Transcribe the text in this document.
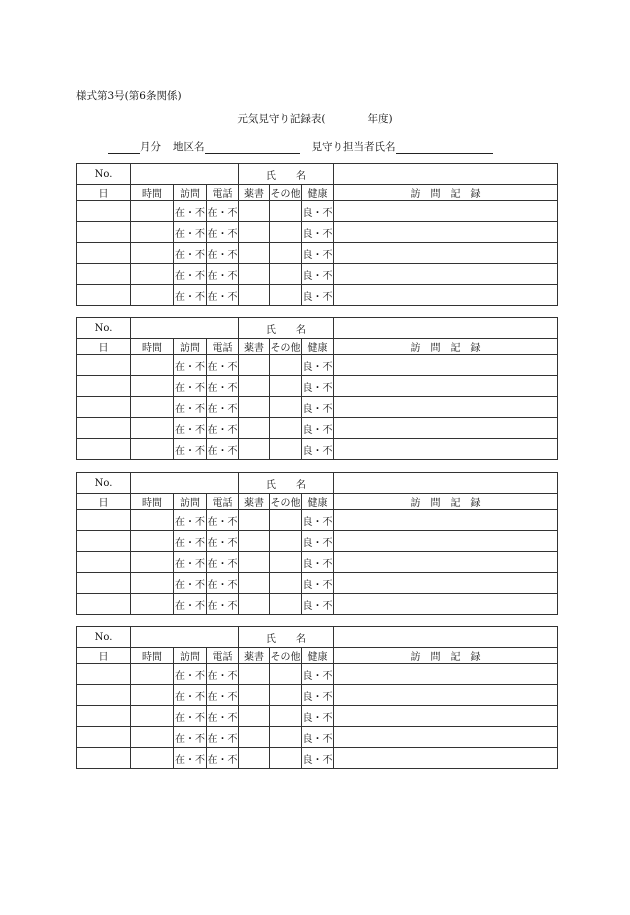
様式第3号(第6条関係)
元気見守り記録表(	年度)
月分 地区名	見守り担当者氏名
No.				氏　　名			
日	時間	訪問	電話	薬書	その他	健康	訪　問　記　録
		在・不	在・不			良・不	
		在・不	在・不			良・不	
		在・不	在・不			良・不	
		在・不	在・不			良・不	
		在・不	在・不			良・不	
No.				氏　　名			
日	時間	訪問	電話	薬書	その他	健康	訪　問　記　録
		在・不	在・不			良・不	
		在・不	在・不			良・不	
		在・不	在・不			良・不	
		在・不	在・不			良・不	
		在・不	在・不			良・不	
No.				氏　　名			
日	時間	訪問	電話	薬書	その他	健康	訪　問　記　録
		在・不	在・不			良・不	
		在・不	在・不			良・不	
		在・不	在・不			良・不	
		在・不	在・不			良・不	
		在・不	在・不			良・不	
No.				氏　　名			
日	時間	訪問	電話	薬書	その他	健康	訪　問　記　録
		在・不	在・不			良・不	
		在・不	在・不			良・不	
		在・不	在・不			良・不	
		在・不	在・不			良・不	
		在・不	在・不			良・不	
